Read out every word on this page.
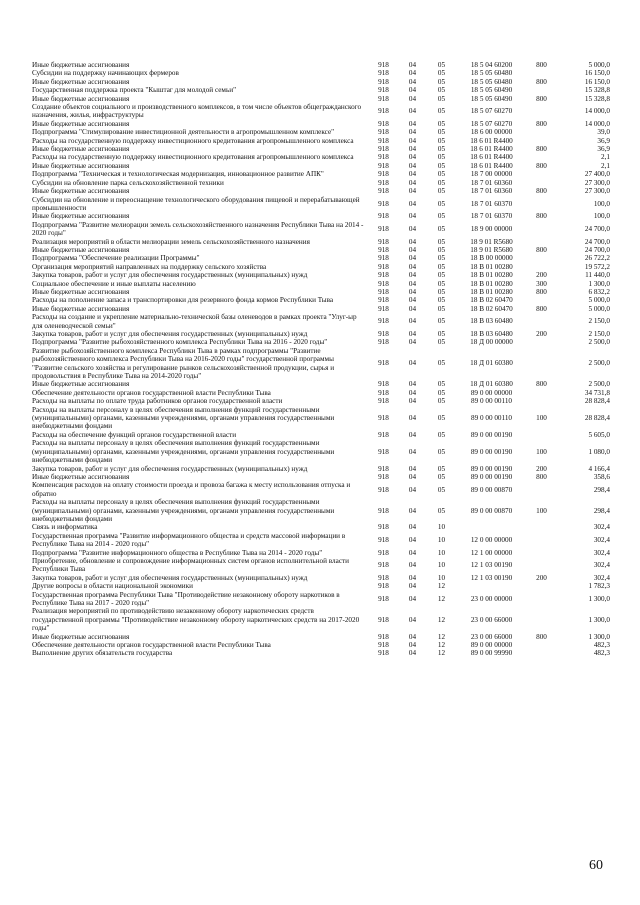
Иные бюджетные ассигнования	918	04	05	18 5 04 60200	800	5 000,0
Субсидии на поддержку начинающих фермеров	918	04	05	18 5 05 60480		16 150,0
Иные бюджетные ассигнования	918	04	05	18 5 05 60480	800	16 150,0
Государственная поддержка проекта "Кыштаг для молодой семьи"	918	04	05	18 5 05 60490		15 328,8
Иные бюджетные ассигнования	918	04	05	18 5 05 60490	800	15 328,8
Создание объектов социального и производственного комплексов, в том числе объектов общегражданского назначения, жилья, инфраструктуры	918	04	05	18 5 07 60270		14 000,0
Иные бюджетные ассигнования	918	04	05	18 5 07 60270	800	14 000,0
Подпрограмма "Стимулирование инвестиционной деятельности в агропромышленном комплексе"	918	04	05	18 6 00 00000		39,0
Расходы на государственную поддержку инвестиционного кредитования агропромышленного комплекса	918	04	05	18 6 01 R4400		36,9
Иные бюджетные ассигнования	918	04	05	18 6 01 R4400	800	36,9
Расходы на государственную поддержку инвестиционного кредитования агропромышленного комплекса	918	04	05	18 6 01 R4400		2,1
Иные бюджетные ассигнования	918	04	05	18 6 01 R4400	800	2,1
Подпрограмма "Техническая и технологическая модернизация, инновационное развитие АПК"	918	04	05	18 7 00 00000		27 400,0
Субсидии на обновление парка сельскохозяйственной техники	918	04	05	18 7 01 60360		27 300,0
Иные бюджетные ассигнования	918	04	05	18 7 01 60360	800	27 300,0
Субсидии на обновление и переоснащение технологического оборудования пищевой и перерабатывающей промышленности	918	04	05	18 7 01 60370		100,0
Иные бюджетные ассигнования	918	04	05	18 7 01 60370	800	100,0
Подпрограмма "Развитие мелиорации земель сельскохозяйственного назначения Республики Тыва на 2014 - 2020 годы"	918	04	05	18 9 00 00000		24 700,0
Реализация мероприятий в области мелиорации земель сельскохозяйственного назначения	918	04	05	18 9 01 R5680		24 700,0
Иные бюджетные ассигнования	918	04	05	18 9 01 R5680	800	24 700,0
Подпрограмма "Обеспечение реализации Программы"	918	04	05	18 В 00 00000		26 722,2
Организация мероприятий направленных на поддержку сельского хозяйства	918	04	05	18 В 01 00280		19 572,2
Закупка товаров, работ и услуг для обеспечения государственных (муниципальных) нужд	918	04	05	18 В 01 00280	200	11 440,0
Социальное обеспечение и иные выплаты населению	918	04	05	18 В 01 00280	300	1 300,0
Иные бюджетные ассигнования	918	04	05	18 В 01 00280	800	6 832,2
Расходы на пополнение запаса и транспортировки для резервного фонда кормов Республики Тыва	918	04	05	18 В 02 60470		5 000,0
Иные бюджетные ассигнования	918	04	05	18 В 02 60470	800	5 000,0
Расходы на создание и укрепление материально-технической базы оленеводов в рамках проекта "Улуг-ыр для оленеводческой семьи"	918	04	05	18 В 03 60480		2 150,0
Закупка товаров, работ и услуг для обеспечения государственных (муниципальных) нужд	918	04	05	18 В 03 60480	200	2 150,0
Подпрограмма "Развитие рыбохозяйственного комплекса Республики Тыва на 2016 - 2020 годы"	918	04	05	18 Д 00 00000		2 500,0
Развитие рыбохозяйственного комплекса Республики Тыва в рамках подпрограммы "Развитие рыбохозяйственного комплекса Республики Тыва на 2016-2020 годы" государственной программы "Развитие сельского хозяйства и регулирование рынков сельскохозяйственной продукции, сырья и продовольствия в Республике Тыва на 2014-2020 годы"	918	04	05	18 Д 01 60380		2 500,0
Иные бюджетные ассигнования	918	04	05	18 Д 01 60380	800	2 500,0
Обеспечение деятельности органов государственной власти Республики Тыва	918	04	05	89 0 00 00000		34 731,8
Расходы на выплаты по оплате труда работников органов государственной власти	918	04	05	89 0 00 00110		28 828,4
Расходы на выплаты персоналу в целях обеспечения выполнения функций государственными (муниципальными) органами, казенными учреждениями, органами управления государственными внебюджетными фондами	918	04	05	89 0 00 00110	100	28 828,4
Расходы на обеспечение функций органов государственной власти	918	04	05	89 0 00 00190		5 605,0
Расходы на выплаты персоналу в целях обеспечения выполнения функций государственными (муниципальными) органами, казенными учреждениями, органами управления государственными внебюджетными фондами	918	04	05	89 0 00 00190	100	1 080,0
Закупка товаров, работ и услуг для обеспечения государственных (муниципальных) нужд	918	04	05	89 0 00 00190	200	4 166,4
Иные бюджетные ассигнования	918	04	05	89 0 00 00190	800	358,6
Компенсация расходов на оплату стоимости проезда и провоза багажа к месту использования отпуска и обратно	918	04	05	89 0 00 00870		298,4
Расходы на выплаты персоналу в целях обеспечения выполнения функций государственными (муниципальными) органами, казенными учреждениями, органами управления государственными внебюджетными фондами	918	04	05	89 0 00 00870	100	298,4
Связь и информатика	918	04	10			302,4
Государственная программа "Развитие информационного общества и средств массовой информации в Республике Тыва на 2014 - 2020 годы"	918	04	10	12 0 00 00000		302,4
Подпрограмма "Развитие информационного общества в Республике Тыва на 2014 - 2020 годы"	918	04	10	12 1 00 00000		302,4
Приобретение, обновление и сопровождение информационных систем органов исполнительной власти Республики Тыва	918	04	10	12 1 03 00190		302,4
Закупка товаров, работ и услуг для обеспечения государственных (муниципальных) нужд	918	04	10	12 1 03 00190	200	302,4
Другие вопросы в области национальной экономики	918	04	12			1 782,3
Государственная программа Республики Тыва "Противодействие незаконному обороту наркотиков в Республике Тыва на 2017 - 2020 годы"	918	04	12	23 0 00 00000		1 300,0
Реализация мероприятий по противодействию незаконному обороту наркотических средств государственной программы "Противодействие незаконному обороту наркотических средств на 2017-2020 годы"	918	04	12	23 0 00 66000		1 300,0
Иные бюджетные ассигнования	918	04	12	23 0 00 66000	800	1 300,0
Обеспечение деятельности органов государственной власти Республики Тыва	918	04	12	89 0 00 00000		482,3
Выполнение других обязательств государства	918	04	12	89 0 00 99990		482,3
60
